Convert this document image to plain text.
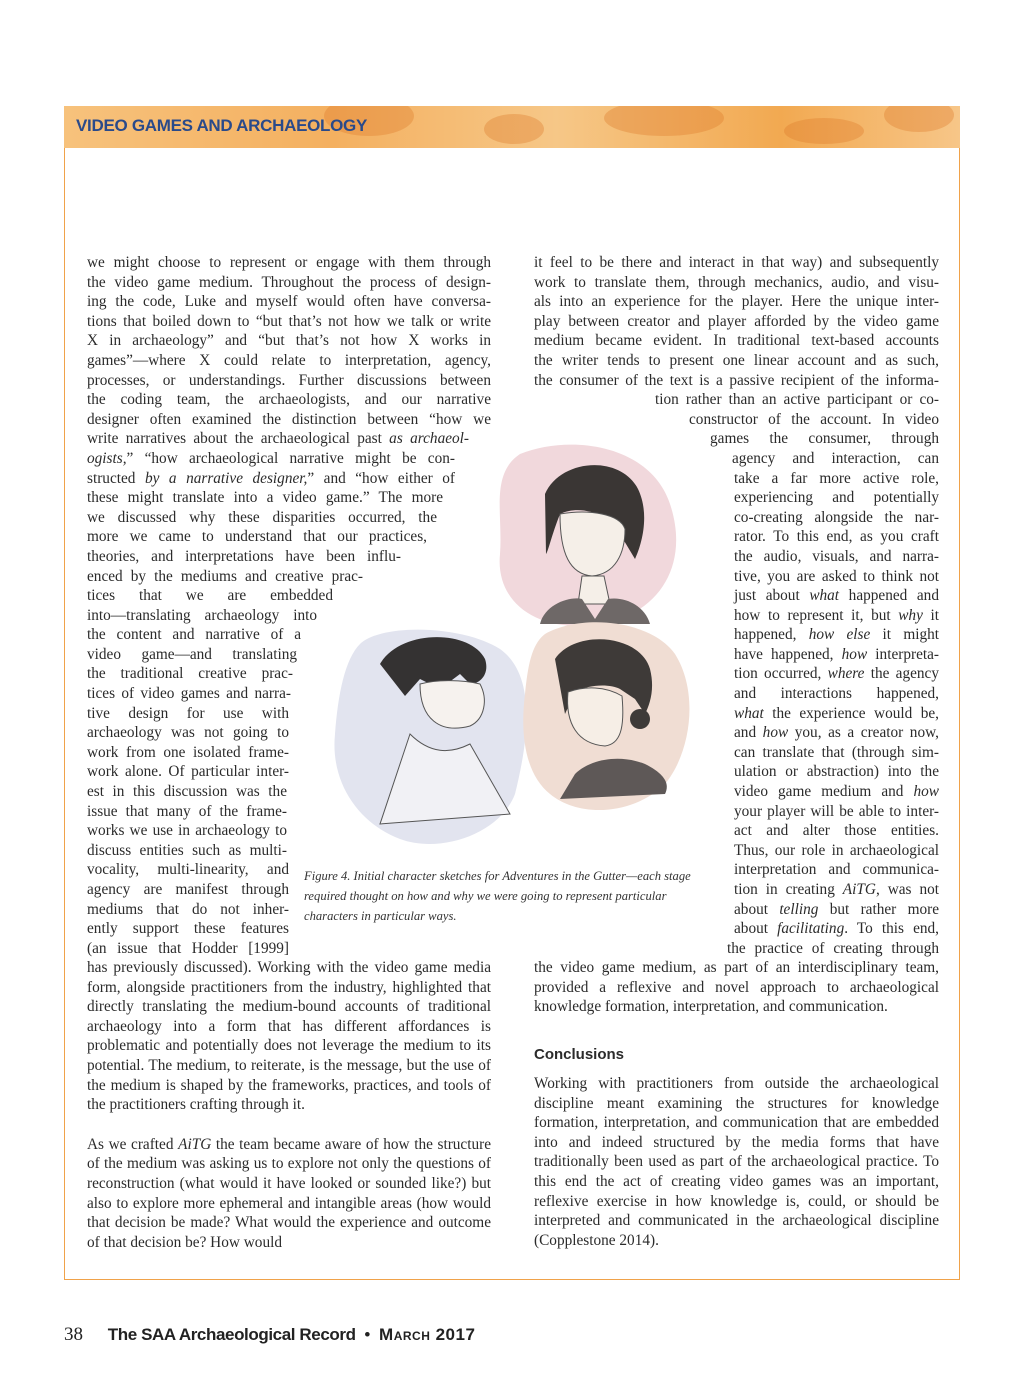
VIDEO GAMES AND ARCHAEOLOGY
we might choose to represent or engage with them through
the video game medium. Throughout the process of design-
ing the code, Luke and myself would often have conversa-
tions that boiled down to “but that’s not how we talk or write
X in archaeology” and “but that’s not how X works in
games”—where X could relate to interpretation, agency,
processes, or understandings. Further discussions between
the coding team, the archaeologists, and our narrative
designer often examined the distinction between “how we
write narratives about the archaeological past as archaeol-
ogists,” “how archaeological narrative might be con-
structed by a narrative designer,” and “how either of
these might translate into a video game.” The more
we discussed why these disparities occurred, the
more we came to understand that our practices,
theories, and interpretations have been influ-
enced by the mediums and creative prac-
tices that we are embedded
into—translating archaeology into
the content and narrative of a
video game—and translating
the traditional creative prac-
tices of video games and narra-
tive design for use with
archaeology was not going to
work from one isolated frame-
work alone. Of particular inter-
est in this discussion was the
issue that many of the frame-
works we use in archaeology to
discuss entities such as multi-
vocality, multi-linearity, and
agency are manifest through
mediums that do not inher-
ently support these features
(an issue that Hodder [1999]

has previously discussed). Working with the video game media form, alongside practitioners from the industry, highlighted that directly translating the medium-bound accounts of traditional archaeology into a form that has different affordances is problematic and potentially does not leverage the medium to its potential. The medium, to reiterate, is the message, but the use of the medium is shaped by the frameworks, practices, and tools of the practitioners crafting through it.

As we crafted AiTG the team became aware of how the structure of the medium was asking us to explore not only the questions of reconstruction (what would it have looked or sounded like?) but also to explore more ephemeral and intangible areas (how would that decision be made? What would the experience and outcome of that decision be? How would

it feel to be there and interact in that way) and subsequently
work to translate them, through mechanics, audio, and visu-
als into an experience for the player. Here the unique inter-
play between creator and player afforded by the video game
medium became evident. In traditional text-based accounts
the writer tends to present one linear account and as such,
the consumer of the text is a passive recipient of the informa-
tion rather than an active participant or co-
constructor of the account. In video
games the consumer, through
agency and interaction, can
take a far more active role,
experiencing and potentially
co-creating alongside the nar-
rator. To this end, as you craft
the audio, visuals, and narra-
tive, you are asked to think not
just about what happened and
how to represent it, but why it
happened, how else it might
have happened, how interpreta-
tion occurred, where the agency
and interactions happened,
what the experience would be,
and how you, as a creator now,
can translate that (through sim-
ulation or abstraction) into the
video game medium and how
your player will be able to inter-
act and alter those entities.
Thus, our role in archaeological
interpretation and communica-
tion in creating AiTG, was not
about telling but rather more
about facilitating. To this end,
the practice of creating through

the video game medium, as part of an interdisciplinary team, provided a reflexive and novel approach to archaeological knowledge formation, interpretation, and communication.

Conclusions

Working with practitioners from outside the archaeological discipline meant examining the structures for knowledge formation, interpretation, and communication that are embedded into and indeed structured by the media forms that have traditionally been used as part of the archaeological practice. To this end the act of creating video games was an important, reflexive exercise in how knowledge is, could, or should be interpreted and communicated in the archaeological discipline (Copplestone 2014).

Figure 4. Initial character sketches for Adventures in the Gutter—each stage required thought on how and why we were going to represent particular characters in particular ways.
38 The SAA Archaeological Record • March 2017
